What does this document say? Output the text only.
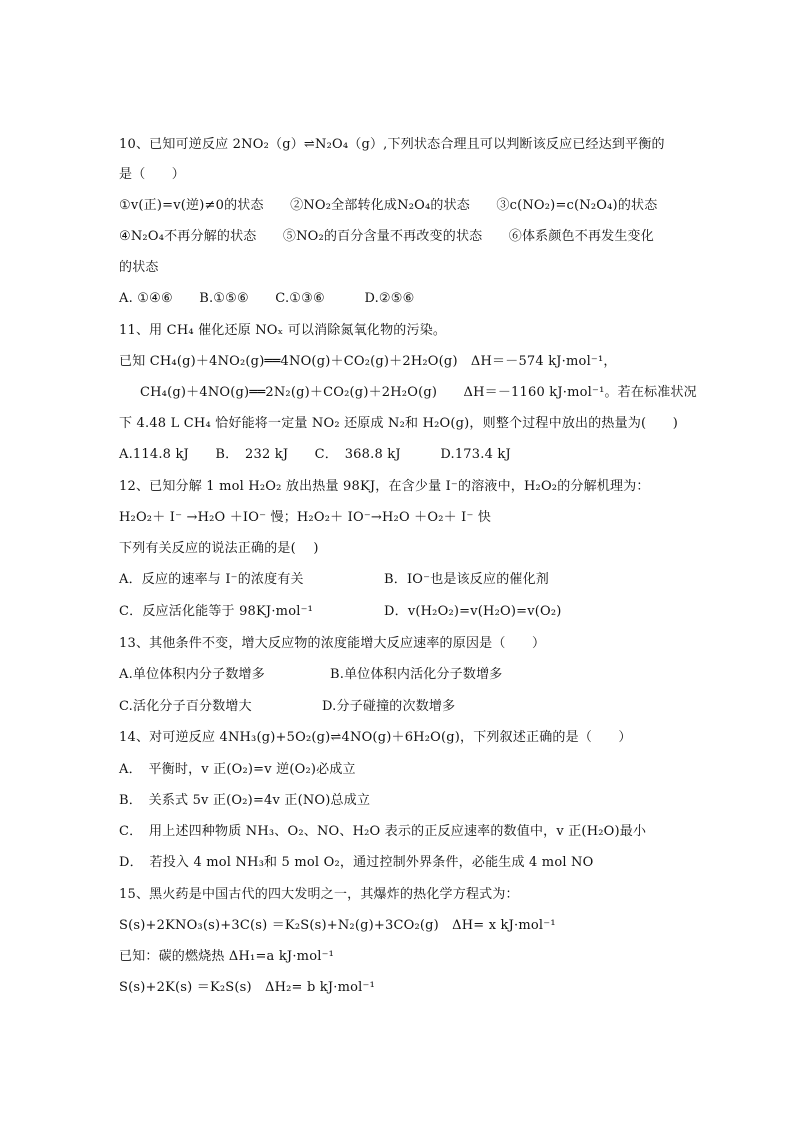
10、已知可逆反应 2NO₂（g）⇌N₂O₄（g）,下列状态合理且可以判断该反应已经达到平衡的
是（　　）
①v(正)=v(逆)≠0的状态　　②NO₂全部转化成N₂O₄的状态　　③c(NO₂)=c(N₂O₄)的状态
④N₂O₄不再分解的状态　　⑤NO₂的百分含量不再改变的状态　　⑥体系颜色不再发生变化
的状态
A. ①④⑥　　B.①⑤⑥　　C.①③⑥　　　D.②⑤⑥
11、用 CH₄ 催化还原 NOₓ 可以消除氮氧化物的污染。
已知 CH₄(g)＋4NO₂(g)══4NO(g)＋CO₂(g)＋2H₂O(g)　ΔH＝－574 kJ·mol⁻¹，
CH₄(g)＋4NO(g)══2N₂(g)＋CO₂(g)＋2H₂O(g)　　ΔH＝－1160 kJ·mol⁻¹。若在标准状况
下 4.48 L CH₄ 恰好能将一定量 NO₂ 还原成 N₂和 H₂O(g)，则整个过程中放出的热量为(　　)
A.114.8 kJ　　B．　232 kJ　　C．　368.8 kJ　　　D.173.4 kJ
12、已知分解 1 mol H₂O₂ 放出热量 98KJ，在含少量 I⁻的溶液中，H₂O₂的分解机理为：
H₂O₂＋ I⁻ →H₂O ＋IO⁻ 慢；H₂O₂＋ IO⁻→H₂O ＋O₂＋ I⁻ 快
下列有关反应的说法正确的是(　 )
A．反应的速率与 I⁻的浓度有关	B．IO⁻也是该反应的催化剂
C．反应活化能等于 98KJ·mol⁻¹	D．v(H₂O₂)=v(H₂O)=v(O₂)
13、其他条件不变，增大反应物的浓度能增大反应速率的原因是（　　）
A.单位体积内分子数增多	B.单位体积内活化分子数增多
C.活化分子百分数增大	D.分子碰撞的次数增多
14、对可逆反应 4NH₃(g)+5O₂(g)⇌4NO(g)＋6H₂O(g)，下列叙述正确的是（　　）
A．　平衡时，v 正(O₂)=v 逆(O₂)必成立
B．　关系式 5v 正(O₂)=4v 正(NO)总成立
C．　用上述四种物质 NH₃、O₂、NO、H₂O 表示的正反应速率的数值中，v 正(H₂O)最小
D．　若投入 4 mol NH₃和 5 mol O₂，通过控制外界条件，必能生成 4 mol NO
15、黑火药是中国古代的四大发明之一，其爆炸的热化学方程式为：
S(s)+2KNO₃(s)+3C(s) ＝K₂S(s)+N₂(g)+3CO₂(g)　ΔH= x kJ·mol⁻¹
已知：碳的燃烧热 ΔH₁=a kJ·mol⁻¹
S(s)+2K(s) ＝K₂S(s)　ΔH₂= b kJ·mol⁻¹
